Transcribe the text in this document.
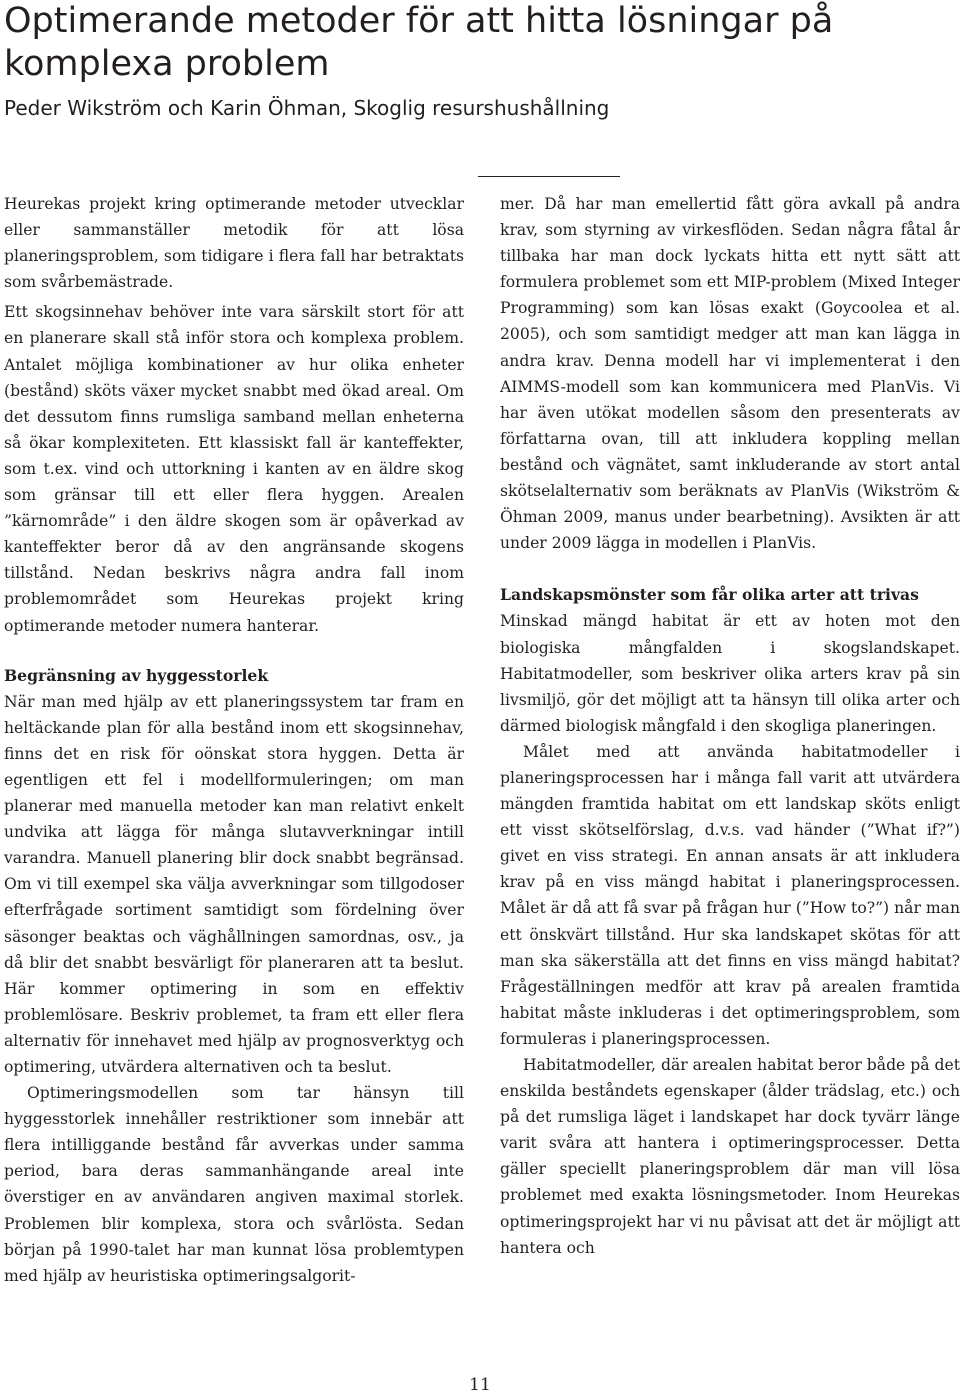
Optimerande metoder för att hitta lösningar på komplexa problem
Peder Wikström och Karin Öhman, Skoglig resurshushållning

Heurekas projekt kring optimerande metoder utvecklar eller sammanställer metodik för att lösa planeringsproblem, som tidigare i flera fall har betraktats som svårbemästrade.

Ett skogsinnehav behöver inte vara särskilt stort för att en planerare skall stå inför stora och komplexa problem. Antalet möjliga kombinationer av hur olika enheter (bestånd) sköts växer mycket snabbt med ökad areal. Om det dessutom finns rumsliga samband mellan enheterna så ökar komplexiteten. Ett klassiskt fall är kanteffekter, som t.ex. vind och uttorkning i kanten av en äldre skog som gränsar till ett eller flera hyggen. Arealen ”kärnområde” i den äldre skogen som är opåverkad av kanteffekter beror då av den angränsande skogens tillstånd. Nedan beskrivs några andra fall inom problemområdet som Heurekas projekt kring optimerande metoder numera hanterar.

Begränsning av hyggesstorlek

När man med hjälp av ett planeringssystem tar fram en heltäckande plan för alla bestånd inom ett skogsinnehav, finns det en risk för oönskat stora hyggen. Detta är egentligen ett fel i modellformuleringen; om man planerar med manuella metoder kan man relativt enkelt undvika att lägga för många slutavverkningar intill varandra. Manuell planering blir dock snabbt begränsad. Om vi till exempel ska välja avverkningar som tillgodoser efterfrågade sortiment samtidigt som fördelning över säsonger beaktas och väghållningen samordnas, osv., ja då blir det snabbt besvärligt för planeraren att ta beslut. Här kommer optimering in som en effektiv problemlösare. Beskriv problemet, ta fram ett eller flera alternativ för innehavet med hjälp av prognosverktyg och optimering, utvärdera alternativen och ta beslut.

Optimeringsmodellen som tar hänsyn till hyggesstorlek innehåller restriktioner som innebär att flera intilliggande bestånd får avverkas under samma period, bara deras sammanhängande areal inte överstiger en av användaren angiven maximal storlek. Problemen blir komplexa, stora och svårlösta. Sedan början på 1990-talet har man kunnat lösa problemtypen med hjälp av heuristiska optimeringsalgorit-

mer. Då har man emellertid fått göra avkall på andra krav, som styrning av virkesflöden. Sedan några fåtal år tillbaka har man dock lyckats hitta ett nytt sätt att formulera problemet som ett MIP-problem (Mixed Integer Programming) som kan lösas exakt (Goycoolea et al. 2005), och som samtidigt medger att man kan lägga in andra krav. Denna modell har vi implementerat i den AIMMS-modell som kan kommunicera med PlanVis. Vi har även utökat modellen såsom den presenterats av författarna ovan, till att inkludera koppling mellan bestånd och vägnätet, samt inkluderande av stort antal skötselalternativ som beräknats av PlanVis (Wikström & Öhman 2009, manus under bearbetning). Avsikten är att under 2009 lägga in modellen i PlanVis.

Landskapsmönster som får olika arter att trivas

Minskad mängd habitat är ett av hoten mot den biologiska mångfalden i skogslandskapet. Habitatmodeller, som beskriver olika arters krav på sin livsmiljö, gör det möjligt att ta hänsyn till olika arter och därmed biologisk mångfald i den skogliga planeringen.

Målet med att använda habitatmodeller i planeringsprocessen har i många fall varit att utvärdera mängden framtida habitat om ett landskap sköts enligt ett visst skötselförslag, d.v.s. vad händer (”What if?”) givet en viss strategi. En annan ansats är att inkludera krav på en viss mängd habitat i planeringsprocessen. Målet är då att få svar på frågan hur (”How to?”) når man ett önskvärt tillstånd. Hur ska landskapet skötas för att man ska säkerställa att det finns en viss mängd habitat? Frågeställningen medför att krav på arealen framtida habitat måste inkluderas i det optimeringsproblem, som formuleras i planeringsprocessen.

Habitatmodeller, där arealen habitat beror både på det enskilda beståndets egenskaper (ålder trädslag, etc.) och på det rumsliga läget i landskapet har dock tyvärr länge varit svåra att hantera i optimeringsprocesser. Detta gäller speciellt planeringsproblem där man vill lösa problemet med exakta lösningsmetoder. Inom Heurekas optimeringsprojekt har vi nu påvisat att det är möjligt att hantera och

11
